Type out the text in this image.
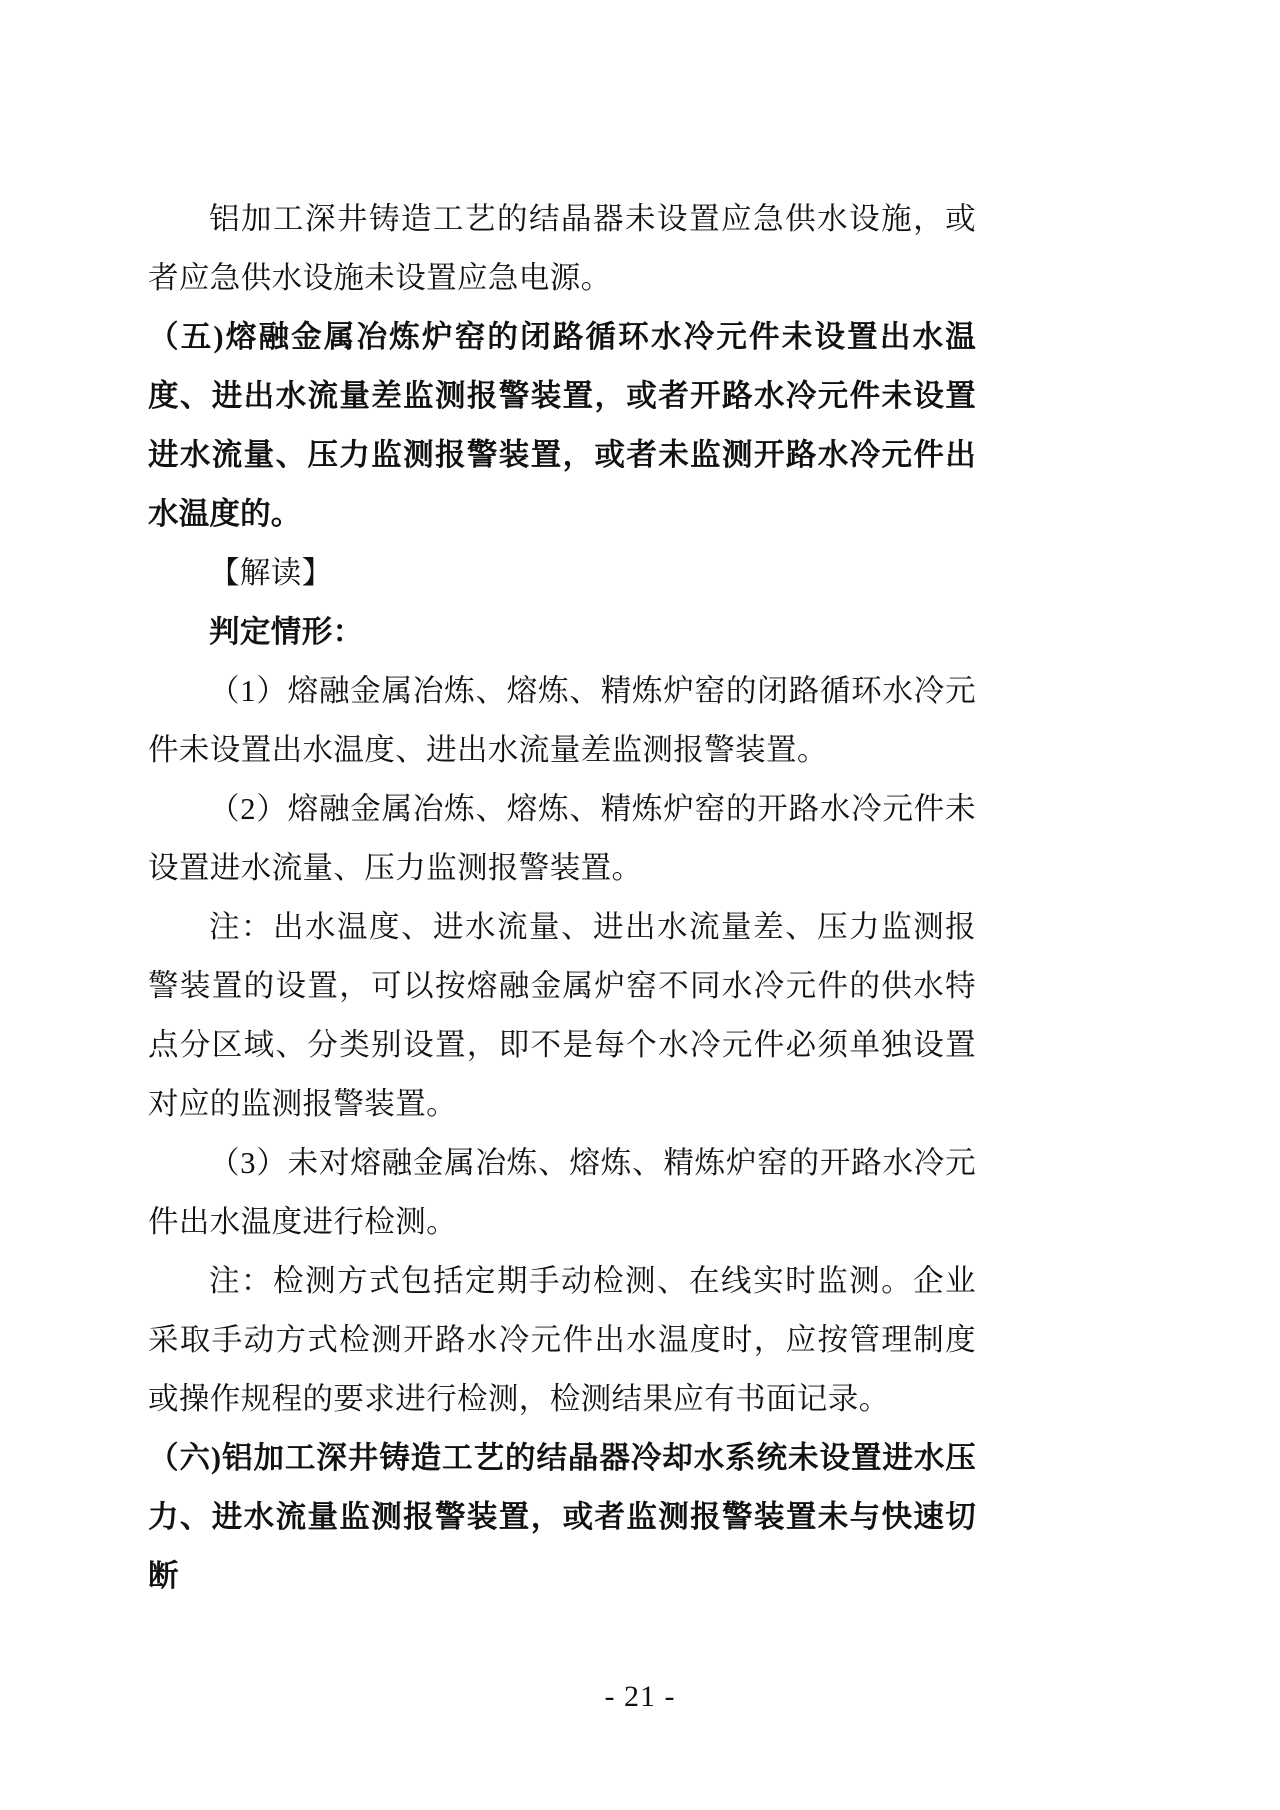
铝加工深井铸造工艺的结晶器未设置应急供水设施，或者应急供水设施未设置应急电源。

（五)熔融金属冶炼炉窑的闭路循环水冷元件未设置出水温度、进出水流量差监测报警装置，或者开路水冷元件未设置进水流量、压力监测报警装置，或者未监测开路水冷元件出水温度的。

【解读】

判定情形：

（1）熔融金属冶炼、熔炼、精炼炉窑的闭路循环水冷元件未设置出水温度、进出水流量差监测报警装置。

（2）熔融金属冶炼、熔炼、精炼炉窑的开路水冷元件未设置进水流量、压力监测报警装置。

注：出水温度、进水流量、进出水流量差、压力监测报警装置的设置，可以按熔融金属炉窑不同水冷元件的供水特点分区域、分类别设置，即不是每个水冷元件必须单独设置对应的监测报警装置。

（3）未对熔融金属冶炼、熔炼、精炼炉窑的开路水冷元件出水温度进行检测。

注：检测方式包括定期手动检测、在线实时监测。企业采取手动方式检测开路水冷元件出水温度时，应按管理制度或操作规程的要求进行检测，检测结果应有书面记录。

（六)铝加工深井铸造工艺的结晶器冷却水系统未设置进水压力、进水流量监测报警装置，或者监测报警装置未与快速切断

- 21 -
